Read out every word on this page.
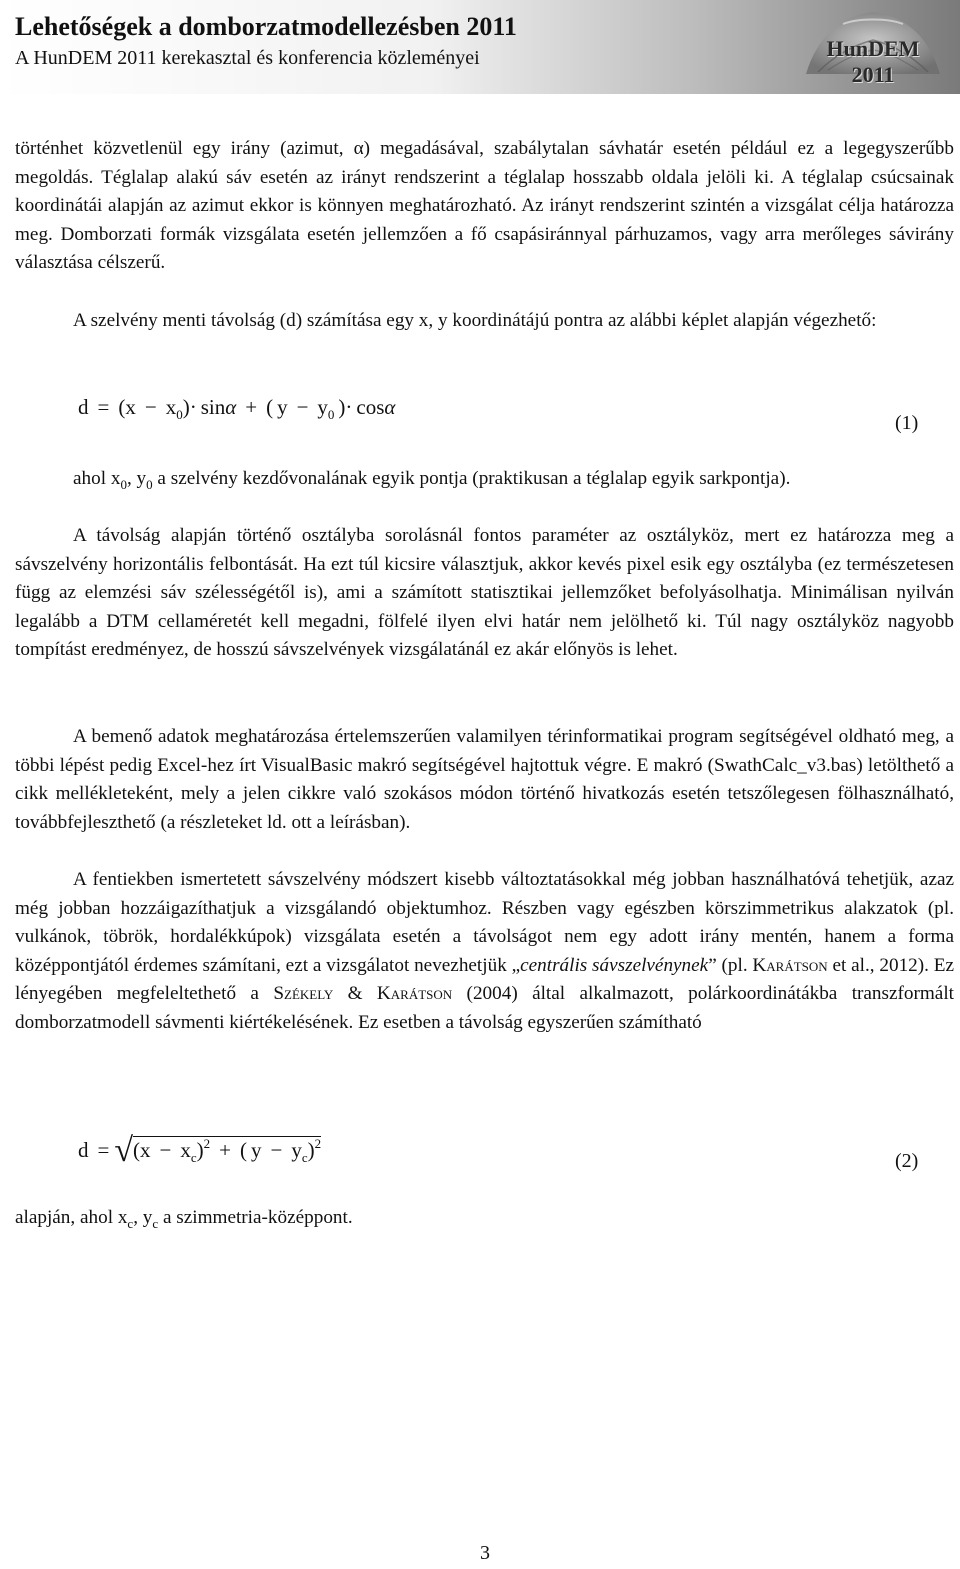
Lehetőségek a domborzatmodellezésben 2011
A HunDEM 2011 kerekasztal és konferencia közleményei	HunDEM 2011

történhet közvetlenül egy irány (azimut, α) megadásával, szabálytalan sávhatár esetén például ez a legegyszerűbb megoldás. Téglalap alakú sáv esetén az irányt rendszerint a téglalap hosszabb oldala jelöli ki. A téglalap csúcsainak koordinátái alapján az azimut ekkor is könnyen meghatározható. Az irányt rendszerint szintén a vizsgálat célja határozza meg. Domborzati formák vizsgálata esetén jellemzően a fő csapásiránnyal párhuzamos, vagy arra merőleges sávirány választása célszerű.

A szelvény menti távolság (d) számítása egy x, y koordinátájú pontra az alábbi képlet alapján végezhető:

$d = (x - x_0)\cdot \sin\alpha$ + ( $y - y_0$ )· cosα
(1)

ahol $x_0$, $y_0$ a szelvény kezdővonalának egyik pontja (praktikusan a téglalap egyik sarkpontja).

A távolság alapján történő osztályba sorolásnál fontos paraméter az osztályköz, mert ez határozza meg a sávszelvény horizontális felbontását. Ha ezt túl kicsire választjuk, akkor kevés pixel esik egy osztályba (ez természetesen függ az elemzési sáv szélességétől is), ami a számított statisztikai jellemzőket befolyásolhatja. Minimálisan nyilván legalább a DTM cellaméretét kell megadni, fölfelé ilyen elvi határ nem jelölhető ki. Túl nagy osztályköz nagyobb tompítást eredményez, de hosszú sávszelvények vizsgálatánál ez akár előnyös is lehet.

A bemenő adatok meghatározása értelemszerűen valamilyen térinformatikai program segítségével oldható meg, a többi lépést pedig Excel-hez írt VisualBasic makró segítségével hajtottuk végre. E makró (SwathCalc_v3.bas) letölthető a cikk mellékleteként, mely a jelen cikkre való szokásos módon történő hivatkozás esetén tetszőlegesen fölhasználható, továbbfejleszthető (a részleteket ld. ott a leírásban).

A fentiekben ismertetett sávszelvény módszert kisebb változtatásokkal még jobban használhatóvá tehetjük, azaz még jobban hozzáigazíthatjuk a vizsgálandó objektumhoz. Részben vagy egészben körszimmetrikus alakzatok (pl. vulkánok, töbrök, hordalékkúpok) vizsgálata esetén a távolságot nem egy adott irány mentén, hanem a forma középpontjától érdemes számítani, ezt a vizsgálatot nevezhetjük „centrális sávszelvénynek” (pl. Karátson et al., 2012). Ez lényegében megfeleltethető a Székely & Karátson (2004) által alkalmazott, polárkoordinátákba transzformált domborzatmodell sávmenti kiértékelésének. Ez esetben a távolság egyszerűen számítható

$d = √(x - x_c)^2$ + ( $y - y_c)^2$
(2)

alapján, ahol $x_c$, $y_c$ a szimmetria-középpont.

3
